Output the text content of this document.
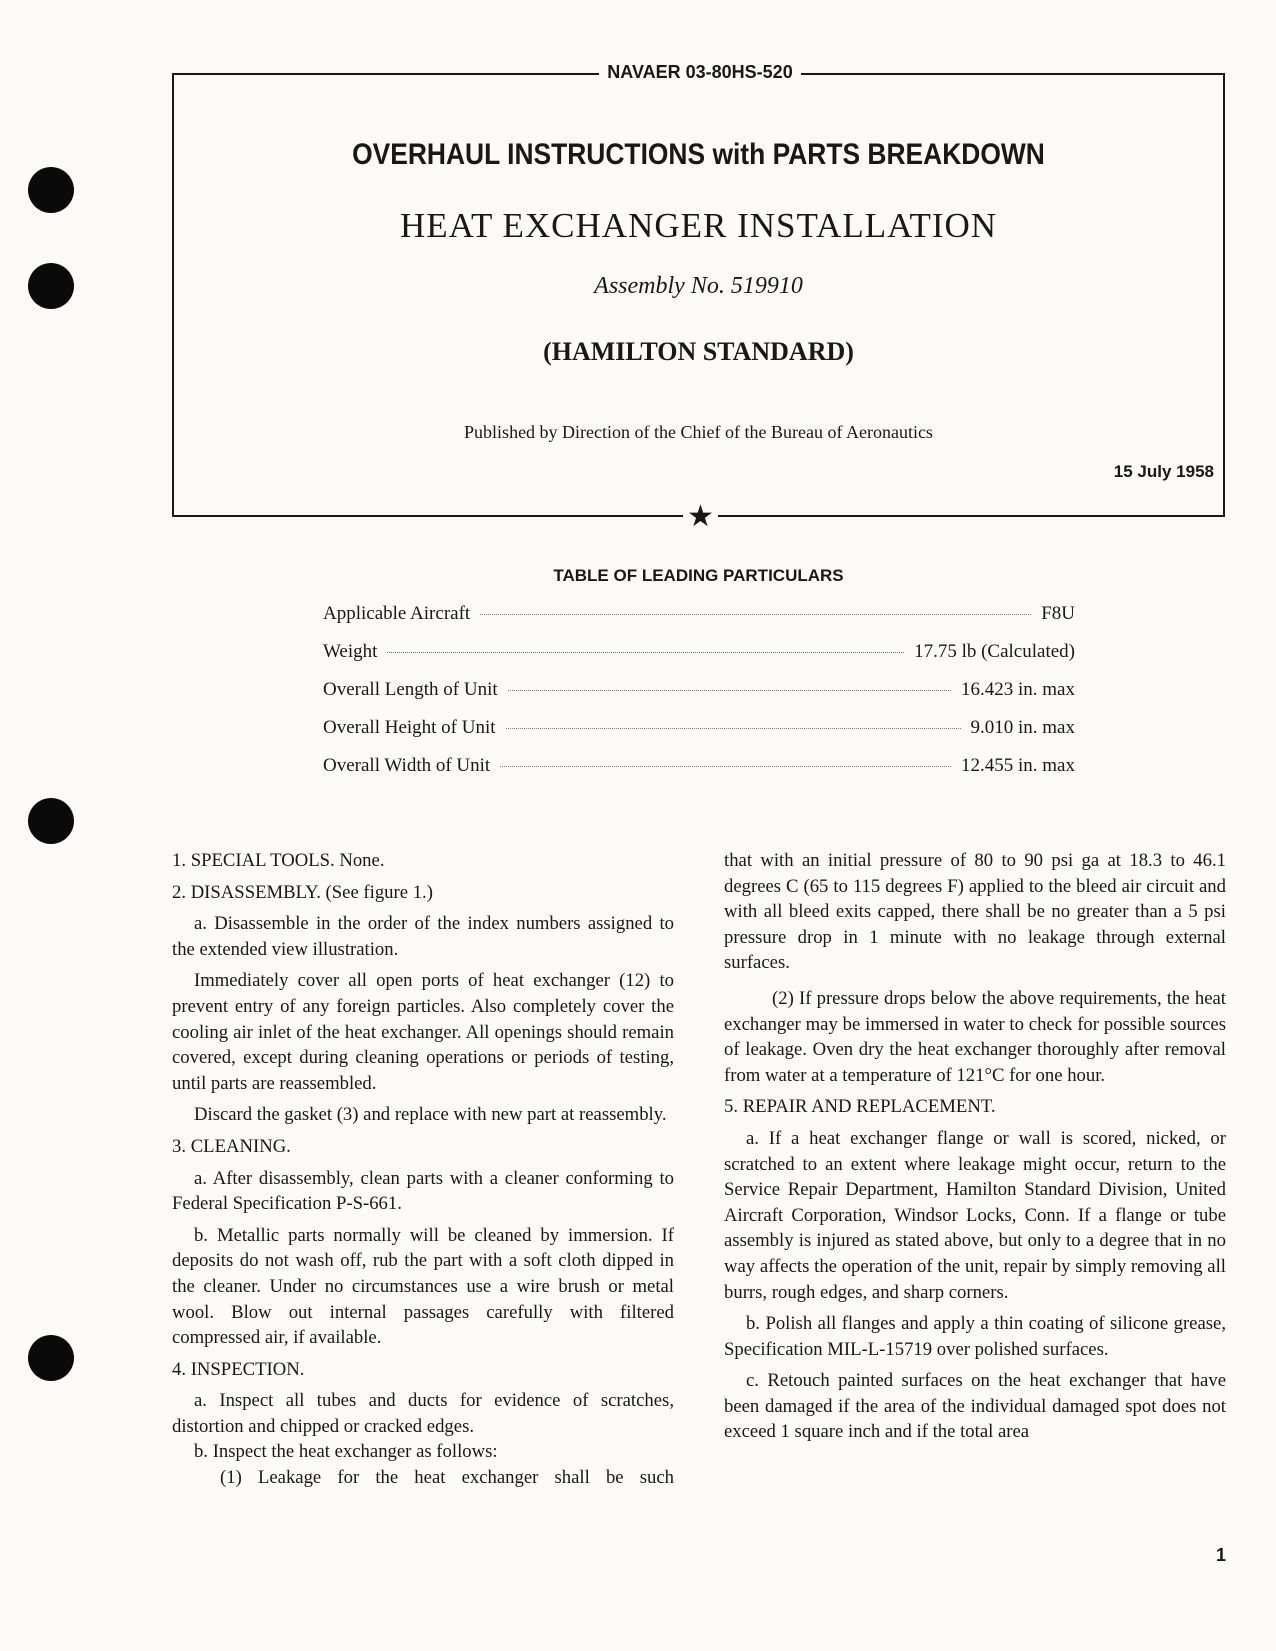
NAVAER 03-80HS-520
OVERHAUL INSTRUCTIONS with PARTS BREAKDOWN
HEAT EXCHANGER INSTALLATION
Assembly No. 519910
(HAMILTON STANDARD)
Published by Direction of the Chief of the Bureau of Aeronautics
15 July 1958
★
TABLE OF LEADING PARTICULARS
Applicable Aircraft	F8U
Weight	17.75 lb (Calculated)
Overall Length of Unit	16.423 in. max
Overall Height of Unit	9.010 in. max
Overall Width of Unit	12.455 in. max

1. SPECIAL TOOLS. None.

2. DISASSEMBLY. (See figure 1.)

a. Disassemble in the order of the index numbers assigned to the extended view illustration.

Immediately cover all open ports of heat exchanger (12) to prevent entry of any foreign particles. Also completely cover the cooling air inlet of the heat exchanger. All openings should remain covered, except during cleaning operations or periods of testing, until parts are reassembled.

Discard the gasket (3) and replace with new part at reassembly.

3. CLEANING.

a. After disassembly, clean parts with a cleaner conforming to Federal Specification P-S-661.

b. Metallic parts normally will be cleaned by immersion. If deposits do not wash off, rub the part with a soft cloth dipped in the cleaner. Under no circumstances use a wire brush or metal wool. Blow out internal passages carefully with filtered compressed air, if available.

4. INSPECTION.

a. Inspect all tubes and ducts for evidence of scratches, distortion and chipped or cracked edges.

b. Inspect the heat exchanger as follows:

(1) Leakage for the heat exchanger shall be such

that with an initial pressure of 80 to 90 psi ga at 18.3 to 46.1 degrees C (65 to 115 degrees F) applied to the bleed air circuit and with all bleed exits capped, there shall be no greater than a 5 psi pressure drop in 1 minute with no leakage through external surfaces.

(2) If pressure drops below the above requirements, the heat exchanger may be immersed in water to check for possible sources of leakage. Oven dry the heat exchanger thoroughly after removal from water at a temperature of 121°C for one hour.

5. REPAIR AND REPLACEMENT.

a. If a heat exchanger flange or wall is scored, nicked, or scratched to an extent where leakage might occur, return to the Service Repair Department, Hamilton Standard Division, United Aircraft Corporation, Windsor Locks, Conn. If a flange or tube assembly is injured as stated above, but only to a degree that in no way affects the operation of the unit, repair by simply removing all burrs, rough edges, and sharp corners.

b. Polish all flanges and apply a thin coating of silicone grease, Specification MIL-L-15719 over polished surfaces.

c. Retouch painted surfaces on the heat exchanger that have been damaged if the area of the individual damaged spot does not exceed 1 square inch and if the total area

1
